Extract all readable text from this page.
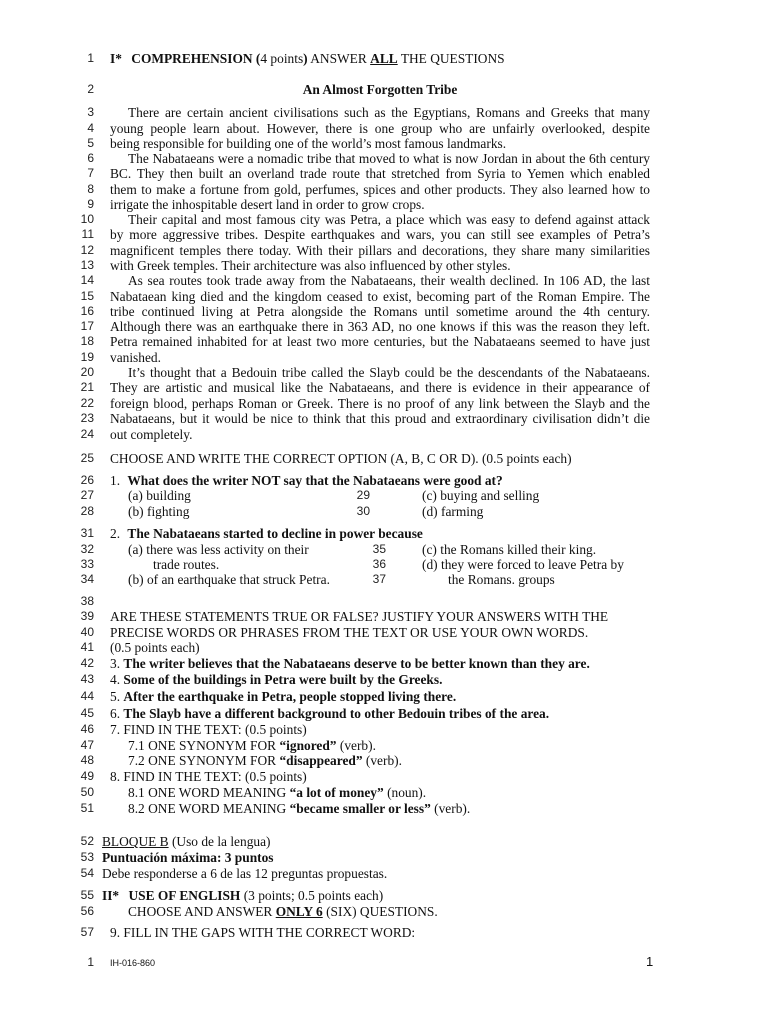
1
2
3
4
5
6
7
8
9
10
11
12
13
14
15
16
17
18
19
20
21
22
23
24
25
26
27
28
29
30
31
32
33
34
35
36
37
38
39
40
41
42
43
44
45
46
47
48
49
50
51
52
53
54
55
56
57
I* COMPREHENSION (4 points) ANSWER ALL THE QUESTIONS
An Almost Forgotten Tribe
There are certain ancient civilisations such as the Egyptians, Romans and Greeks that many
young people learn about. However, there is one group who are unfairly overlooked, despite
being responsible for building one of the world’s most famous landmarks.
The Nabataeans were a nomadic tribe that moved to what is now Jordan in about the 6th century
BC. They then built an overland trade route that stretched from Syria to Yemen which enabled
them to make a fortune from gold, perfumes, spices and other products. They also learned how to
irrigate the inhospitable desert land in order to grow crops.
Their capital and most famous city was Petra, a place which was easy to defend against attack
by more aggressive tribes. Despite earthquakes and wars, you can still see examples of Petra’s
magnificent temples there today. With their pillars and decorations, they share many similarities
with Greek temples. Their architecture was also influenced by other styles.
As sea routes took trade away from the Nabataeans, their wealth declined. In 106 AD, the last
Nabataean king died and the kingdom ceased to exist, becoming part of the Roman Empire. The
tribe continued living at Petra alongside the Romans until sometime around the 4th century.
Although there was an earthquake there in 363 AD, no one knows if this was the reason they left.
Petra remained inhabited for at least two more centuries, but the Nabataeans seemed to have just
vanished.
It’s thought that a Bedouin tribe called the Slayb could be the descendants of the Nabataeans.
They are artistic and musical like the Nabataeans, and there is evidence in their appearance of
foreign blood, perhaps Roman or Greek. There is no proof of any link between the Slayb and the
Nabataeans, but it would be nice to think that this proud and extraordinary civilisation didn’t die
out completely.
CHOOSE AND WRITE THE CORRECT OPTION (A, B, C OR D). (0.5 points each)
1. What does the writer NOT say that the Nabataeans were good at?
(a) building
(b) fighting
(c) buying and selling
(d) farming
2. The Nabataeans started to decline in power because
(a) there was less activity on their
trade routes.
(b) of an earthquake that struck Petra.
(c) the Romans killed their king.
(d) they were forced to leave Petra by
the Romans. groups
ARE THESE STATEMENTS TRUE OR FALSE? JUSTIFY YOUR ANSWERS WITH THE
PRECISE WORDS OR PHRASES FROM THE TEXT OR USE YOUR OWN WORDS.
(0.5 points each)
3. The writer believes that the Nabataeans deserve to be better known than they are.
4. Some of the buildings in Petra were built by the Greeks.
5. After the earthquake in Petra, people stopped living there.
6. The Slayb have a different background to other Bedouin tribes of the area.
7. FIND IN THE TEXT: (0.5 points)
7.1 ONE SYNONYM FOR “ignored” (verb).
7.2 ONE SYNONYM FOR “disappeared” (verb).
8. FIND IN THE TEXT: (0.5 points)
8.1 ONE WORD MEANING “a lot of money” (noun).
8.2 ONE WORD MEANING “became smaller or less” (verb).
BLOQUE B (Uso de la lengua)
Puntuación máxima: 3 puntos
Debe responderse a 6 de las 12 preguntas propuestas.
II* USE OF ENGLISH (3 points; 0.5 points each)
CHOOSE AND ANSWER ONLY 6 (SIX) QUESTIONS.
9. FILL IN THE GAPS WITH THE CORRECT WORD:
1 IH-016-860	1
